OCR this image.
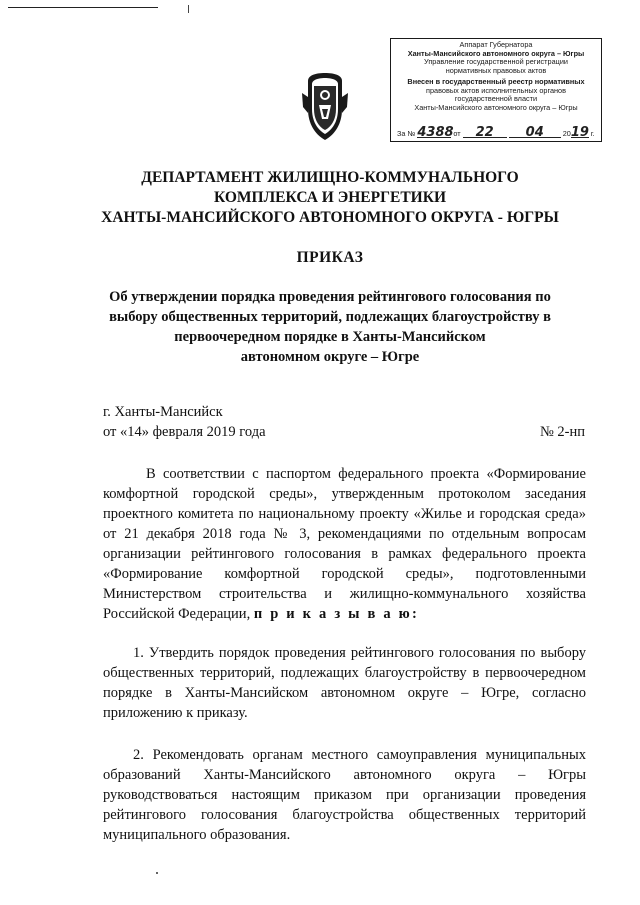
Аппарат Губернатора
Ханты-Мансийского автономного округа – Югры
Управление государственной регистрации
нормативных правовых актов
Внесен в государственный реестр нормативных
правовых актов исполнительных органов
государственной власти
Ханты-Мансийского автономного округа – Югры
За № 4388 от 22 04	2019 г.
ДЕПАРТАМЕНТ ЖИЛИЩНО-КОММУНАЛЬНОГО
КОМПЛЕКСА И ЭНЕРГЕТИКИ
ХАНТЫ-МАНСИЙСКОГО АВТОНОМНОГО ОКРУГА - ЮГРЫ
ПРИКАЗ
Об утверждении порядка проведения рейтингового голосования по
выбору общественных территорий, подлежащих благоустройству в
первоочередном порядке в Ханты-Мансийском
автономном округе – Югре
г. Ханты-Мансийск
от «14» февраля 2019 года	№ 2-нп

В соответствии с паспортом федерального проекта «Формирование комфортной городской среды», утвержденным протоколом заседания проектного комитета по национальному проекту «Жилье и городская среда» от 21 декабря 2018 года № 3, рекомендациями по отдельным вопросам организации рейтингового голосования в рамках федерального проекта «Формирование комфортной городской среды», подготовленными Министерством строительства и жилищно-коммунального хозяйства Российской Федерации, п р и к а з ы в а ю:

1. Утвердить порядок проведения рейтингового голосования по выбору общественных территорий, подлежащих благоустройству в первоочередном порядке в Ханты-Мансийском автономном округе – Югре, согласно приложению к приказу.

2. Рекомендовать органам местного самоуправления муниципальных образований Ханты-Мансийского автономного округа – Югры руководствоваться настоящим приказом при организации проведения рейтингового голосования благоустройства общественных территорий муниципального образования.
